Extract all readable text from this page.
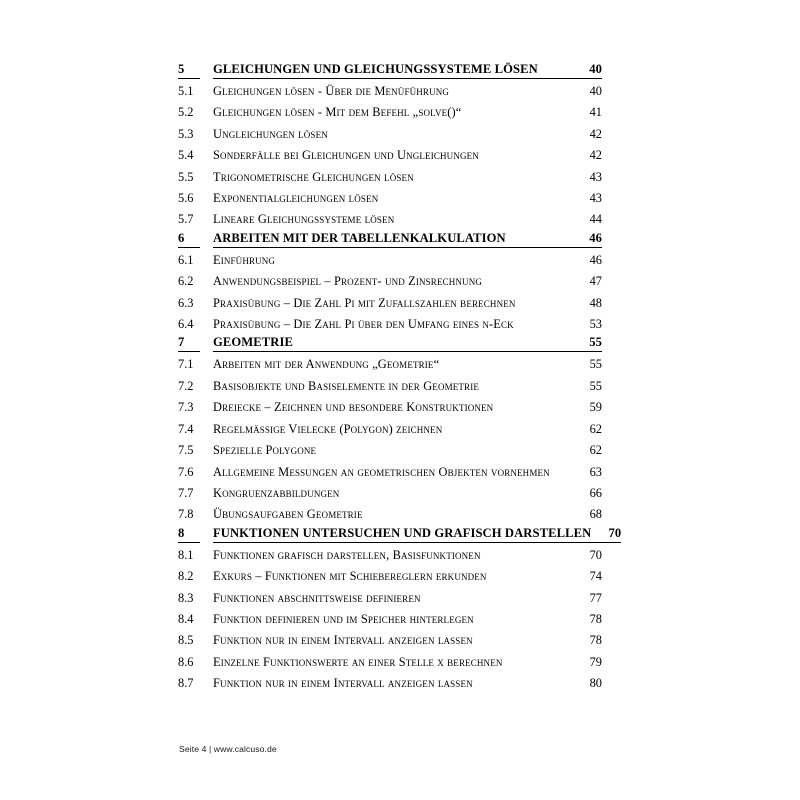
5	GLEICHUNGEN UND GLEICHUNGSSYSTEME LÖSEN	40
5.1	Gleichungen lösen - Über die Menüführung	40
5.2	Gleichungen lösen - Mit dem Befehl „solve()“	41
5.3	Ungleichungen lösen	42
5.4	Sonderfälle bei Gleichungen und Ungleichungen	42
5.5	Trigonometrische Gleichungen lösen	43
5.6	Exponentialgleichungen lösen	43
5.7	Lineare Gleichungssysteme lösen	44
6	ARBEITEN MIT DER TABELLENKALKULATION	46
6.1	Einführung	46
6.2	Anwendungsbeispiel – Prozent- und Zinsrechnung	47
6.3	Praxisübung – Die Zahl Pi mit Zufallszahlen berechnen	48
6.4	Praxisübung – Die Zahl Pi über den Umfang eines n-Eck	53
7	GEOMETRIE	55
7.1	Arbeiten mit der Anwendung „Geometrie“	55
7.2	Basisobjekte und Basiselemente in der Geometrie	55
7.3	Dreiecke – Zeichnen und besondere Konstruktionen	59
7.4	Regelmäßige Vielecke (Polygon) zeichnen	62
7.5	Spezielle Polygone	62
7.6	Allgemeine Messungen an geometrischen Objekten vornehmen	63
7.7	Kongruenzabbildungen	66
7.8	Übungsaufgaben Geometrie	68
8	FUNKTIONEN UNTERSUCHEN UND GRAFISCH DARSTELLEN	70
8.1	Funktionen grafisch darstellen, Basisfunktionen	70
8.2	Exkurs – Funktionen mit Schiebereglern erkunden	74
8.3	Funktionen abschnittsweise definieren	77
8.4	Funktion definieren und im Speicher hinterlegen	78
8.5	Funktion nur in einem Intervall anzeigen lassen	78
8.6	Einzelne Funktionswerte an einer Stelle x berechnen	79
8.7	Funktion nur in einem Intervall anzeigen lassen	80
Seite 4 | www.calcuso.de
